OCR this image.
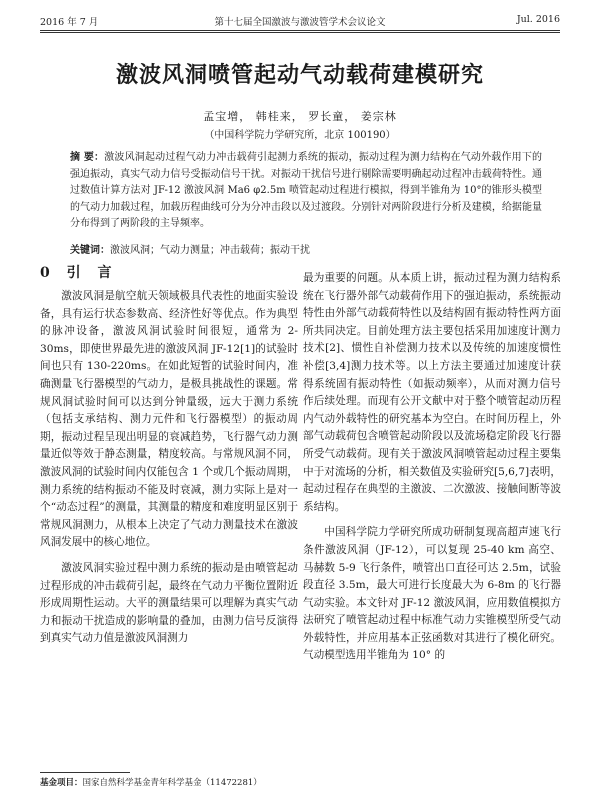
2016 年 7 月	第十七届全国激波与激波管学术会议论文	Jul. 2016
激波风洞喷管起动气动载荷建模研究
孟宝增， 韩桂来， 罗长童， 姜宗林
（中国科学院力学研究所，北京 100190）
摘 要：激波风洞起动过程气动力冲击载荷引起测力系统的振动，振动过程为测力结构在气动外载作用下的强迫振动，真实气动力信号受振动信号干扰。对振动干扰信号进行剔除需要明确起动过程冲击载荷特性。通过数值计算方法对 JF-12 激波风洞 Ma6 φ2.5m 喷管起动过程进行模拟，得到半锥角为 10°的锥形头模型的气动力加载过程，加载历程曲线可分为分冲击段以及过渡段。分别针对两阶段进行分析及建模，给据能量分布得到了两阶段的主导频率。
关键词：激波风洞；气动力测量；冲击载荷；振动干扰
0 引 言

激波风洞是航空航天领域极具代表性的地面实验设备，具有运行状态参数高、经济性好等优点。作为典型的脉冲设备，激波风洞试验时间很短，通常为 2-30ms，即使世界最先进的激波风洞 JF-12[1]的试验时间也只有 130-220ms。在如此短暂的试验时间内，准确测量飞行器模型的气动力，是极具挑战性的课题。常规风洞试验时间可以达到分钟量级，远大于测力系统（包括支承结构、测力元件和飞行器模型）的振动周期，振动过程呈现出明显的衰减趋势，飞行器气动力测量近似等效于静态测量，精度较高。与常规风洞不同，激波风洞的试验时间内仅能包含 1 个或几个振动周期，测力系统的结构振动不能及时衰减，测力实际上是对一个“动态过程”的测量，其测量的精度和难度明显区别于常规风洞测力，从根本上决定了气动力测量技术在激波风洞发展中的核心地位。

激波风洞实验过程中测力系统的振动是由喷管起动过程形成的冲击载荷引起，最终在气动力平衡位置附近形成周期性运动。大平的测量结果可以理解为真实气动力和振动干扰造成的影响量的叠加，由测力信号反演得到真实气动力值是激波风洞测力

最为重要的问题。从本质上讲，振动过程为测力结构系统在飞行器外部气动载荷作用下的强迫振动，系统振动特性由外部气动载荷特性以及结构固有振动特性两方面所共同决定。目前处理方法主要包括采用加速度计测力技术[2]、惯性自补偿测力技术以及传统的加速度惯性补偿[3,4]测力技术等。以上方法主要通过加速度计获得系统固有振动特性（如振动频率），从而对测力信号作后续处理。而现有公开文献中对于整个喷管起动历程内气动外载特性的研究基本为空白。在时间历程上，外部气动载荷包含喷管起动阶段以及流场稳定阶段飞行器所受气动载荷。现有关于激波风洞喷管起动过程主要集中于对流场的分析，相关数值及实验研究[5,6,7]表明，起动过程存在典型的主激波、二次激波、接触间断等波系结构。

中国科学院力学研究所成功研制复现高超声速飞行条件激波风洞（JF-12），可以复现 25-40 km 高空、马赫数 5-9 飞行条件，喷管出口直径可达 2.5m，试验段直径 3.5m，最大可进行长度最大为 6-8m 的飞行器气动实验。本文针对 JF-12 激波风洞，应用数值模拟方法研究了喷管起动过程中标准气动力实锥模型所受气动外载特性，并应用基本正弦函数对其进行了模化研究。气动模型选用半锥角为 10° 的

基金项目：国家自然科学基金青年科学基金（11472281）
